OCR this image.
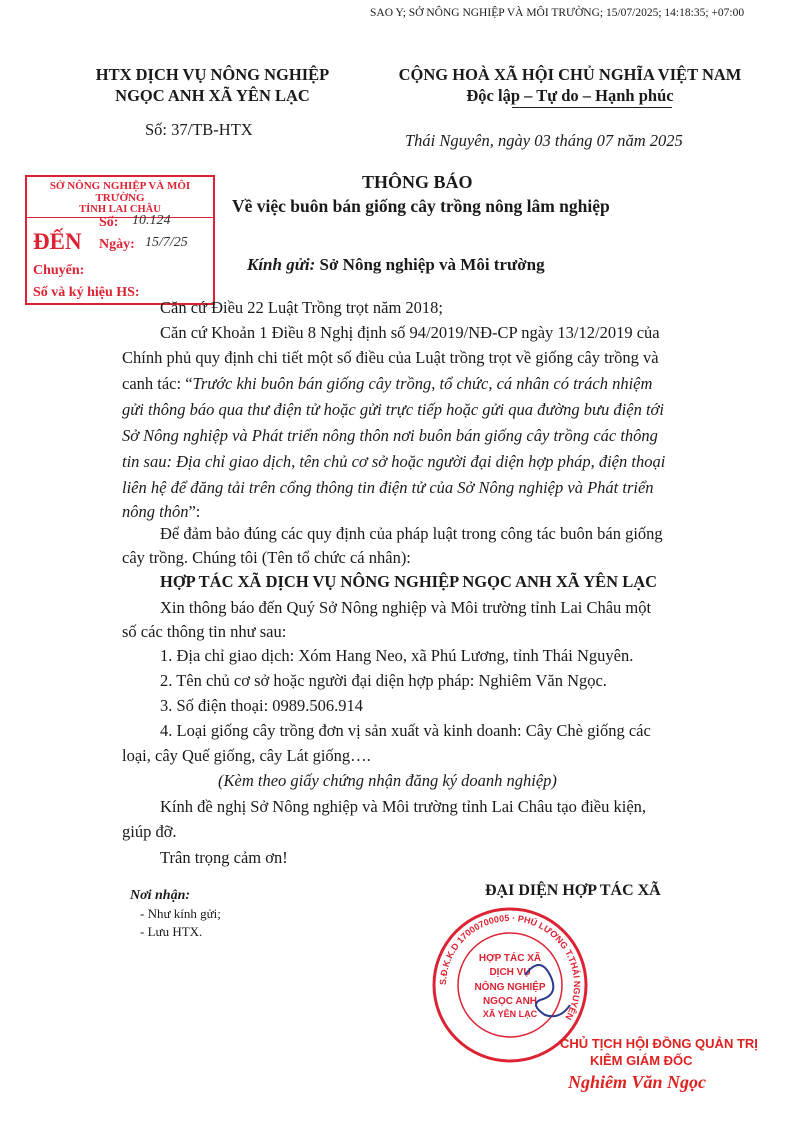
SAO Y; SỞ NÔNG NGHIỆP VÀ MÔI TRƯỜNG; 15/07/2025; 14:18:35; +07:00
HTX DỊCH VỤ NÔNG NGHIỆP
NGỌC ANH XÃ YÊN LẠC
Số: 37/TB-HTX
CỘNG HOÀ XÃ HỘI CHỦ NGHĨA VIỆT NAM
Độc lập – Tự do – Hạnh phúc
Thái Nguyên, ngày 03 tháng 07 năm 2025
SỞ NÔNG NGHIỆP VÀ MÔI TRƯỜNG
TỈNH LAI CHÂU
ĐẾN
Số: 10.124
Ngày: 15/7/25
Chuyển:
Số và ký hiệu HS:
THÔNG BÁO
Về việc buôn bán giống cây trồng nông lâm nghiệp
Kính gửi: Sở Nông nghiệp và Môi trường
Căn cứ Điều 22 Luật Trồng trọt năm 2018;
Căn cứ Khoản 1 Điều 8 Nghị định số 94/2019/NĐ-CP ngày 13/12/2019 của
Chính phủ quy định chi tiết một số điều của Luật trồng trọt về giống cây trồng và
canh tác: “Trước khi buôn bán giống cây trồng, tổ chức, cá nhân có trách nhiệm
gửi thông báo qua thư điện tử hoặc gửi trực tiếp hoặc gửi qua đường bưu điện tới
Sở Nông nghiệp và Phát triển nông thôn nơi buôn bán giống cây trồng các thông
tin sau: Địa chỉ giao dịch, tên chủ cơ sở hoặc người đại diện hợp pháp, điện thoại
liên hệ để đăng tải trên cổng thông tin điện tử của Sở Nông nghiệp và Phát triển
nông thôn”:
Để đảm bảo đúng các quy định của pháp luật trong công tác buôn bán giống
cây trồng. Chúng tôi (Tên tổ chức cá nhân):
HỢP TÁC XÃ DỊCH VỤ NÔNG NGHIỆP NGỌC ANH XÃ YÊN LẠC
Xin thông báo đến Quý Sở Nông nghiệp và Môi trường tỉnh Lai Châu một
số các thông tin như sau:
1. Địa chỉ giao dịch: Xóm Hang Neo, xã Phú Lương, tỉnh Thái Nguyên.
2. Tên chủ cơ sở hoặc người đại diện hợp pháp: Nghiêm Văn Ngọc.
3. Số điện thoại: 0989.506.914
4. Loại giống cây trồng đơn vị sản xuất và kinh doanh: Cây Chè giống các
loại, cây Quế giống, cây Lát giống….
(Kèm theo giấy chứng nhận đăng ký doanh nghiệp)
Kính đề nghị Sở Nông nghiệp và Môi trường tỉnh Lai Châu tạo điều kiện,
giúp đỡ.
Trân trọng cảm ơn!
Nơi nhận:
- Như kính gửi;
- Lưu HTX.
ĐẠI DIỆN HỢP TÁC XÃ
S.Đ.K.K.D 17000700005 · PHÚ LƯƠNG T.THÁI NGUYÊN
HỢP TÁC XÃ
DỊCH VỤ
NÔNG NGHIỆP
NGỌC ANH
XÃ YÊN LẠC
CHỦ TỊCH HỘI ĐỒNG QUẢN TRỊ
KIÊM GIÁM ĐỐC
Nghiêm Văn Ngọc
